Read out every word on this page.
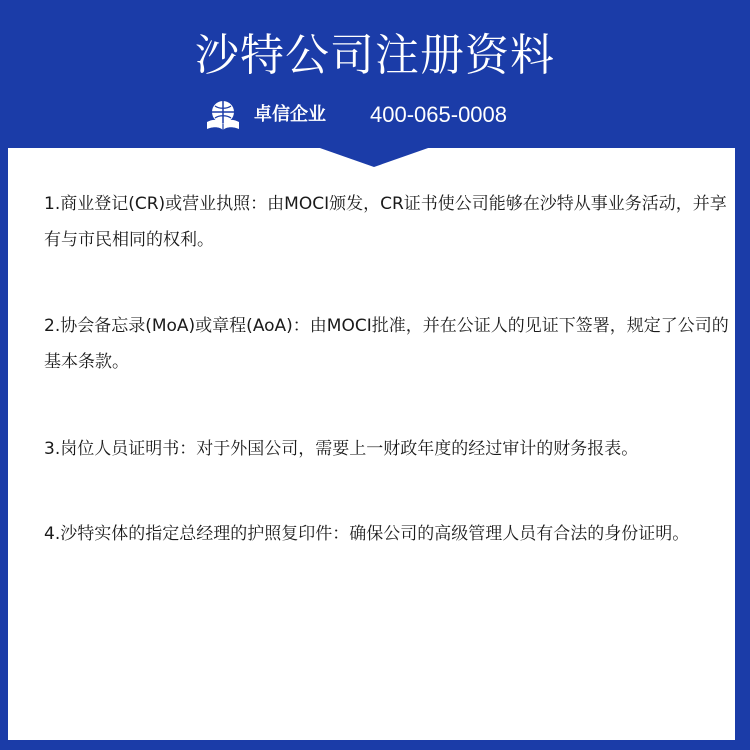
沙特公司注册资料
卓信企业 400-065-0008
1.商业登记(CR)或营业执照：由MOCI颁发，CR证书使公司能够在沙特从事业务活动，并享有与市民相同的权利。
2.协会备忘录(MoA)或章程(AoA)：由MOCI批准，并在公证人的见证下签署，规定了公司的基本条款。
3.岗位人员证明书：对于外国公司，需要上一财政年度的经过审计的财务报表。
4.沙特实体的指定总经理的护照复印件：确保公司的高级管理人员有合法的身份证明。
